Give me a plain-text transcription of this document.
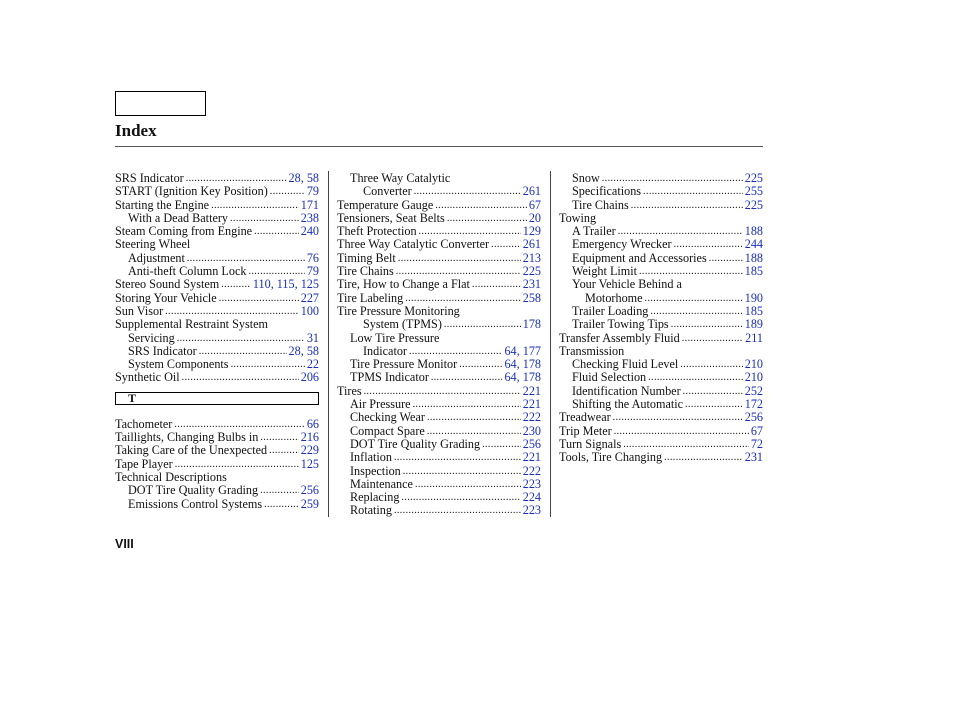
Index
SRS Indicator .....	28, 58
START (Ignition Key Position) .....	79
Starting the Engine .....	171
With a Dead Battery .....	238
Steam Coming from Engine .....	240
Steering Wheel
Adjustment .....	76
Anti-theft Column Lock .....	79
Stereo Sound System .....	110, 115, 125
Storing Your Vehicle .....	227
Sun Visor .....	100
Supplemental Restraint System
Servicing .....	31
SRS Indicator .....	28, 58
System Components .....	22
Synthetic Oil .....	206
T
Tachometer .....	66
Taillights, Changing Bulbs in .....	216
Taking Care of the Unexpected .....	229
Tape Player .....	125
Technical Descriptions
DOT Tire Quality Grading .....	256
Emissions Control Systems .....	259
Three Way Catalytic
Converter .....	261
Temperature Gauge .....	67
Tensioners, Seat Belts .....	20
Theft Protection .....	129
Three Way Catalytic Converter .....	261
Timing Belt .....	213
Tire Chains .....	225
Tire, How to Change a Flat .....	231
Tire Labeling .....	258
Tire Pressure Monitoring
System (TPMS) .....	178
Low Tire Pressure
Indicator .....	64, 177
Tire Pressure Monitor .....	64, 178
TPMS Indicator .....	64, 178
Tires .....	221
Air Pressure .....	221
Checking Wear .....	222
Compact Spare .....	230
DOT Tire Quality Grading .....	256
Inflation .....	221
Inspection .....	222
Maintenance .....	223
Replacing .....	224
Rotating .....	223
Snow .....	225
Specifications .....	255
Tire Chains .....	225
Towing
A Trailer .....	188
Emergency Wrecker .....	244
Equipment and Accessories .....	188
Weight Limit .....	185
Your Vehicle Behind a
Motorhome .....	190
Trailer Loading .....	185
Trailer Towing Tips .....	189
Transfer Assembly Fluid .....	211
Transmission
Checking Fluid Level .....	210
Fluid Selection .....	210
Identification Number .....	252
Shifting the Automatic .....	172
Treadwear .....	256
Trip Meter .....	67
Turn Signals .....	72
Tools, Tire Changing .....	231
VIII
